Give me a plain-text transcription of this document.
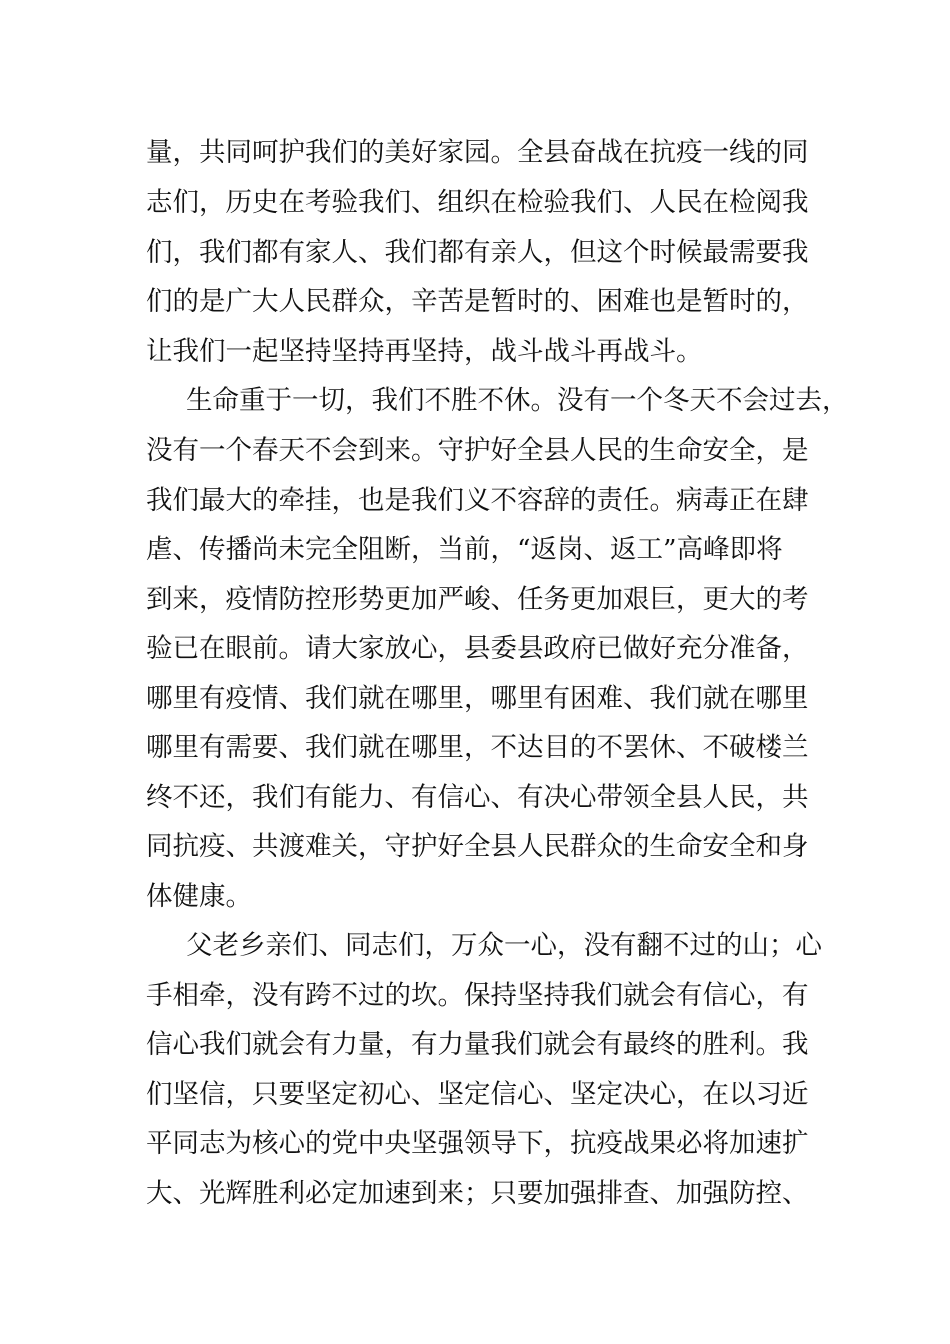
量，共同呵护我们的美好家园。全县奋战在抗疫一线的同
志们，历史在考验我们、组织在检验我们、人民在检阅我
们，我们都有家人、我们都有亲人，但这个时候最需要我
们的是广大人民群众，辛苦是暂时的、困难也是暂时的，
让我们一起坚持坚持再坚持，战斗战斗再战斗。
生命重于一切，我们不胜不休。没有一个冬天不会过去，
没有一个春天不会到来。守护好全县人民的生命安全，是
我们最大的牵挂，也是我们义不容辞的责任。病毒正在肆
虐、传播尚未完全阻断，当前，“返岗、返工”高峰即将
到来，疫情防控形势更加严峻、任务更加艰巨，更大的考
验已在眼前。请大家放心，县委县政府已做好充分准备，
哪里有疫情、我们就在哪里，哪里有困难、我们就在哪里
哪里有需要、我们就在哪里，不达目的不罢休、不破楼兰
终不还，我们有能力、有信心、有决心带领全县人民，共
同抗疫、共渡难关，守护好全县人民群众的生命安全和身
体健康。
父老乡亲们、同志们，万众一心，没有翻不过的山；心
手相牵，没有跨不过的坎。保持坚持我们就会有信心，有
信心我们就会有力量，有力量我们就会有最终的胜利。我
们坚信，只要坚定初心、坚定信心、坚定决心，在以习近
平同志为核心的党中央坚强领导下，抗疫战果必将加速扩
大、光辉胜利必定加速到来；只要加强排查、加强防控、
